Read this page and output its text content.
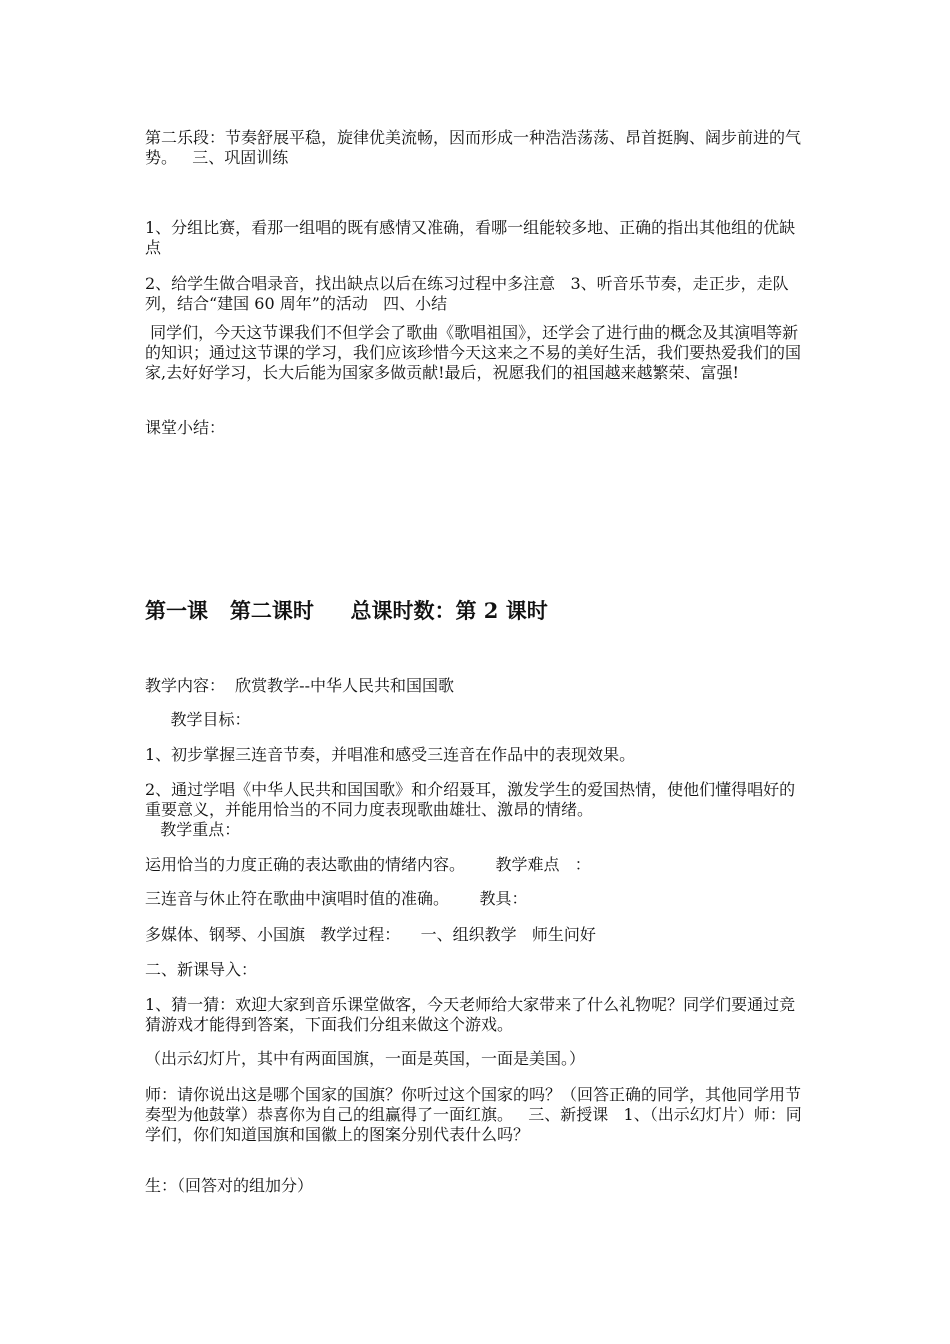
第二乐段：节奏舒展平稳，旋律优美流畅，因而形成一种浩浩荡荡、昂首挺胸、阔步前进的气势。   三、巩固训练

1、分组比赛，看那一组唱的既有感情又准确，看哪一组能较多地、正确的指出其他组的优缺点

2、给学生做合唱录音，找出缺点以后在练习过程中多注意   3、听音乐节奏，走正步，走队列，结合“建国 60 周年”的活动   四、小结

同学们，今天这节课我们不但学会了歌曲《歌唱祖国》，还学会了进行曲的概念及其演唱等新的知识；通过这节课的学习，我们应该珍惜今天这来之不易的美好生活，我们要热爱我们的国家,去好好学习，长大后能为国家多做贡献!最后，祝愿我们的祖国越来越繁荣、富强!

课堂小结：

第一课   第二课时     总课时数：第 2 课时

教学内容：  欣赏教学--中华人民共和国国歌

教学目标：

1、初步掌握三连音节奏，并唱准和感受三连音在作品中的表现效果。

2、通过学唱《中华人民共和国国歌》和介绍聂耳，激发学生的爱国热情，使他们懂得唱好的重要意义，并能用恰当的不同力度表现歌曲雄壮、激昂的情绪。
教学重点：

运用恰当的力度正确的表达歌曲的情绪内容。      教学难点   ：

三连音与休止符在歌曲中演唱时值的准确。      教具：

多媒体、钢琴、小国旗   教学过程：    一、组织教学   师生问好

二、新课导入：

1、猜一猜：欢迎大家到音乐课堂做客，今天老师给大家带来了什么礼物呢？同学们要通过竞猜游戏才能得到答案，下面我们分组来做这个游戏。

（出示幻灯片，其中有两面国旗，一面是英国，一面是美国。）

师：请你说出这是哪个国家的国旗？你听过这个国家的吗？（回答正确的同学，其他同学用节奏型为他鼓掌）恭喜你为自己的组赢得了一面红旗。   三、新授课   1、（出示幻灯片）师：同学们，你们知道国旗和国徽上的图案分别代表什么吗？

生：（回答对的组加分）
